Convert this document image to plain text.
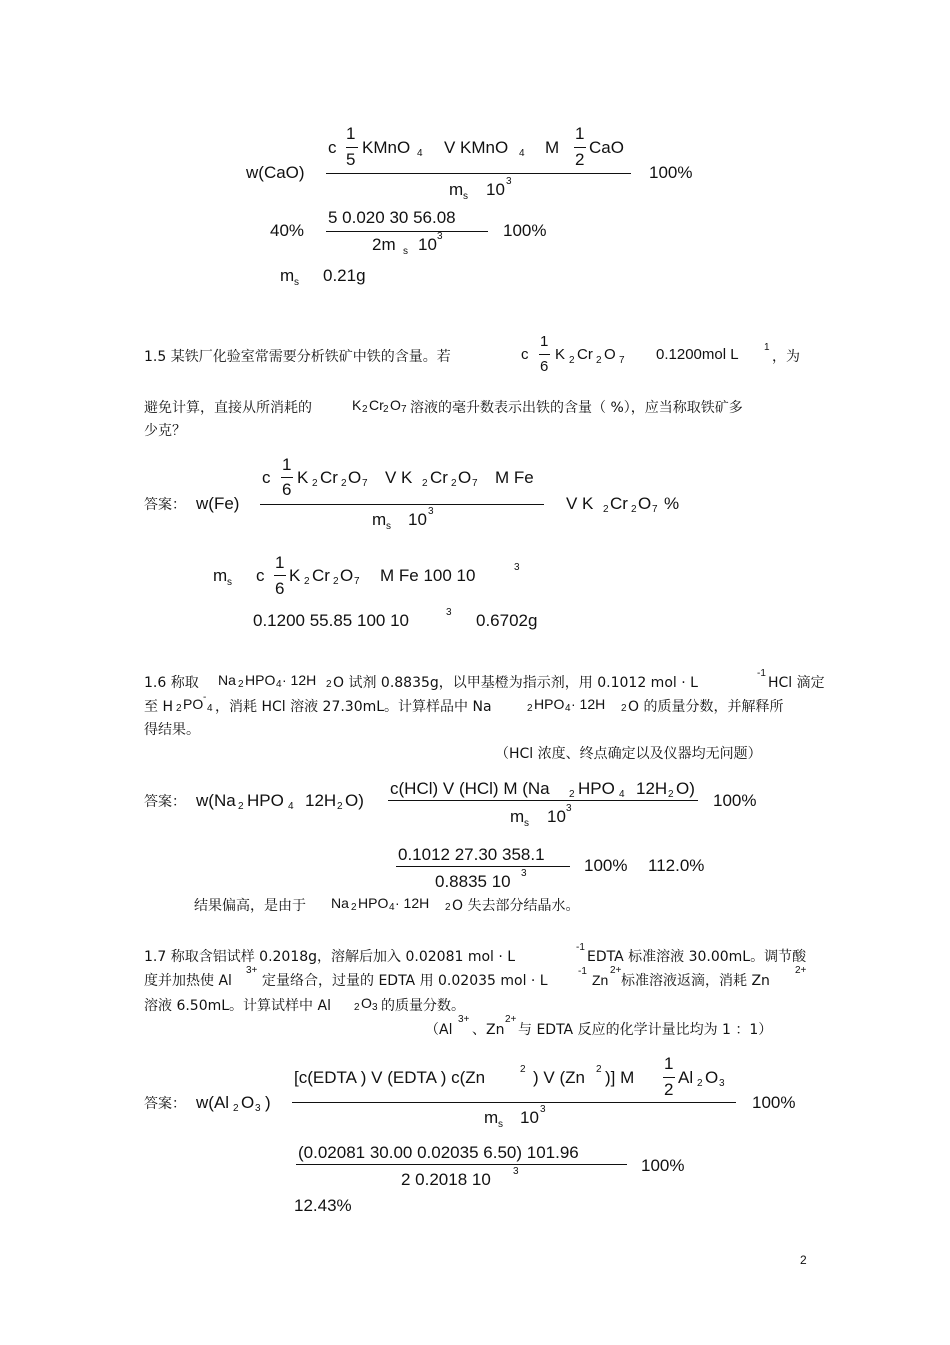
w(CaO)
c
1
5
KMnO 4 V KMnO 4 M
1
2
CaO
m s 10 3	100%
40%
5 0.020 30 56.08
2m s 10 3	100%
m s 0.21g
1.5 某铁厂化验室常需要分析铁矿中铁的含量。若	c
1
6
K 2 Cr 2 O 7 0.1200mol L	1
，为
避免计算，直接从所消耗的	K 2 Cr 2 O 7 溶液的毫升数表示出铁的含量（ %），应当称取铁矿多
少克？
答案： w(Fe)
c
1
6
K 2 Cr 2 O 7 V K 2 Cr 2 O 7 M Fe
m s 10 3	V K 2 Cr 2 O 7 %
m s c
1
6
K 2 Cr 2 O 7 M Fe 100 10	3
0.1200 55.85 100 10	3 0.6702g
1.6 称取 Na 2 HPO 4 · 12H 2 O 试剂 0.8835g，以甲基橙为指示剂，用 0.1012 mol · L
-1
HCl 滴定
至 H 2 PO -
4 ，消耗 HCl 溶液 27.30mL。计算样品中 Na	2 HPO 4 · 12H 2 O 的质量分数，并解释所
得结果。
（HCl 浓度、终点确定以及仪器均无问题）
答案： w(Na 2 HPO 4 12H 2 O)
c(HCl) V (HCl) M (Na 2 HPO 4 12H 2 O)
m s 10 3	100%
0.1012 27.30 358.1
0.8835 10 3	100% 112.0%
结果偏高，是由于 Na 2 HPO 4 · 12H 2 O 失去部分结晶水。
1.7 称取含铝试样 0.2018g，溶解后加入 0.02081 mol · L
-1
EDTA 标准溶液 30.00mL。调节酸
度并加热使 Al
3+
定量络合，过量的 EDTA 用 0.02035 mol · L
-1
Zn
2+
标准溶液返滴，消耗 Zn
2+
溶液 6.50mL。计算试样中 Al 2 O 3 的质量分数。
（Al
3+
、Zn
2+
与 EDTA 反应的化学计量比均为 1 ：1）
答案： w(Al 2 O 3 )
[c(EDTA ) V (EDTA ) c(Zn	2 ) V (Zn 2 )] M
1
2
Al 2 O 3
m s 10 3	100%
(0.02081 30.00 0.02035 6.50) 101.96
2 0.2018 10 3	100%
12.43%
2
